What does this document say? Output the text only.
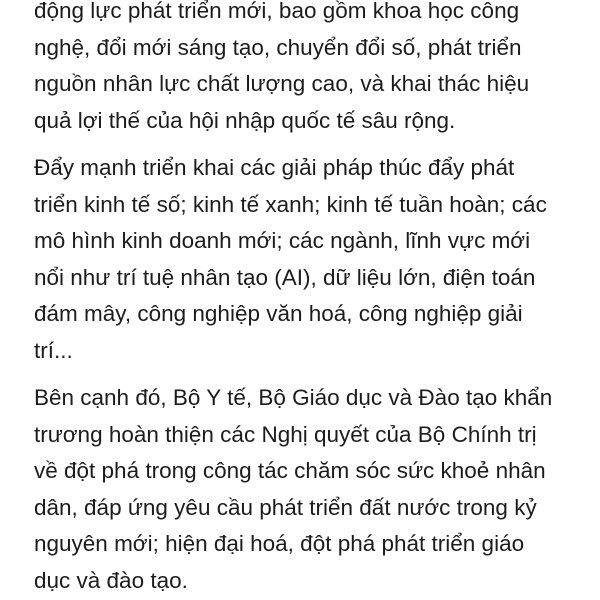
động lực phát triển mới, bao gồm khoa học công
nghệ, đổi mới sáng tạo, chuyển đổi số, phát triển
nguồn nhân lực chất lượng cao, và khai thác hiệu
quả lợi thế của hội nhập quốc tế sâu rộng.

Đẩy mạnh triển khai các giải pháp thúc đẩy phát
triển kinh tế số; kinh tế xanh; kinh tế tuần hoàn; các
mô hình kinh doanh mới; các ngành, lĩnh vực mới
nổi như trí tuệ nhân tạo (AI), dữ liệu lớn, điện toán
đám mây, công nghiệp văn hoá, công nghiệp giải
trí...

Bên cạnh đó, Bộ Y tế, Bộ Giáo dục và Đào tạo khẩn
trương hoàn thiện các Nghị quyết của Bộ Chính trị
về đột phá trong công tác chăm sóc sức khoẻ nhân
dân, đáp ứng yêu cầu phát triển đất nước trong kỷ
nguyên mới; hiện đại hoá, đột phá phát triển giáo
dục và đào tạo.
